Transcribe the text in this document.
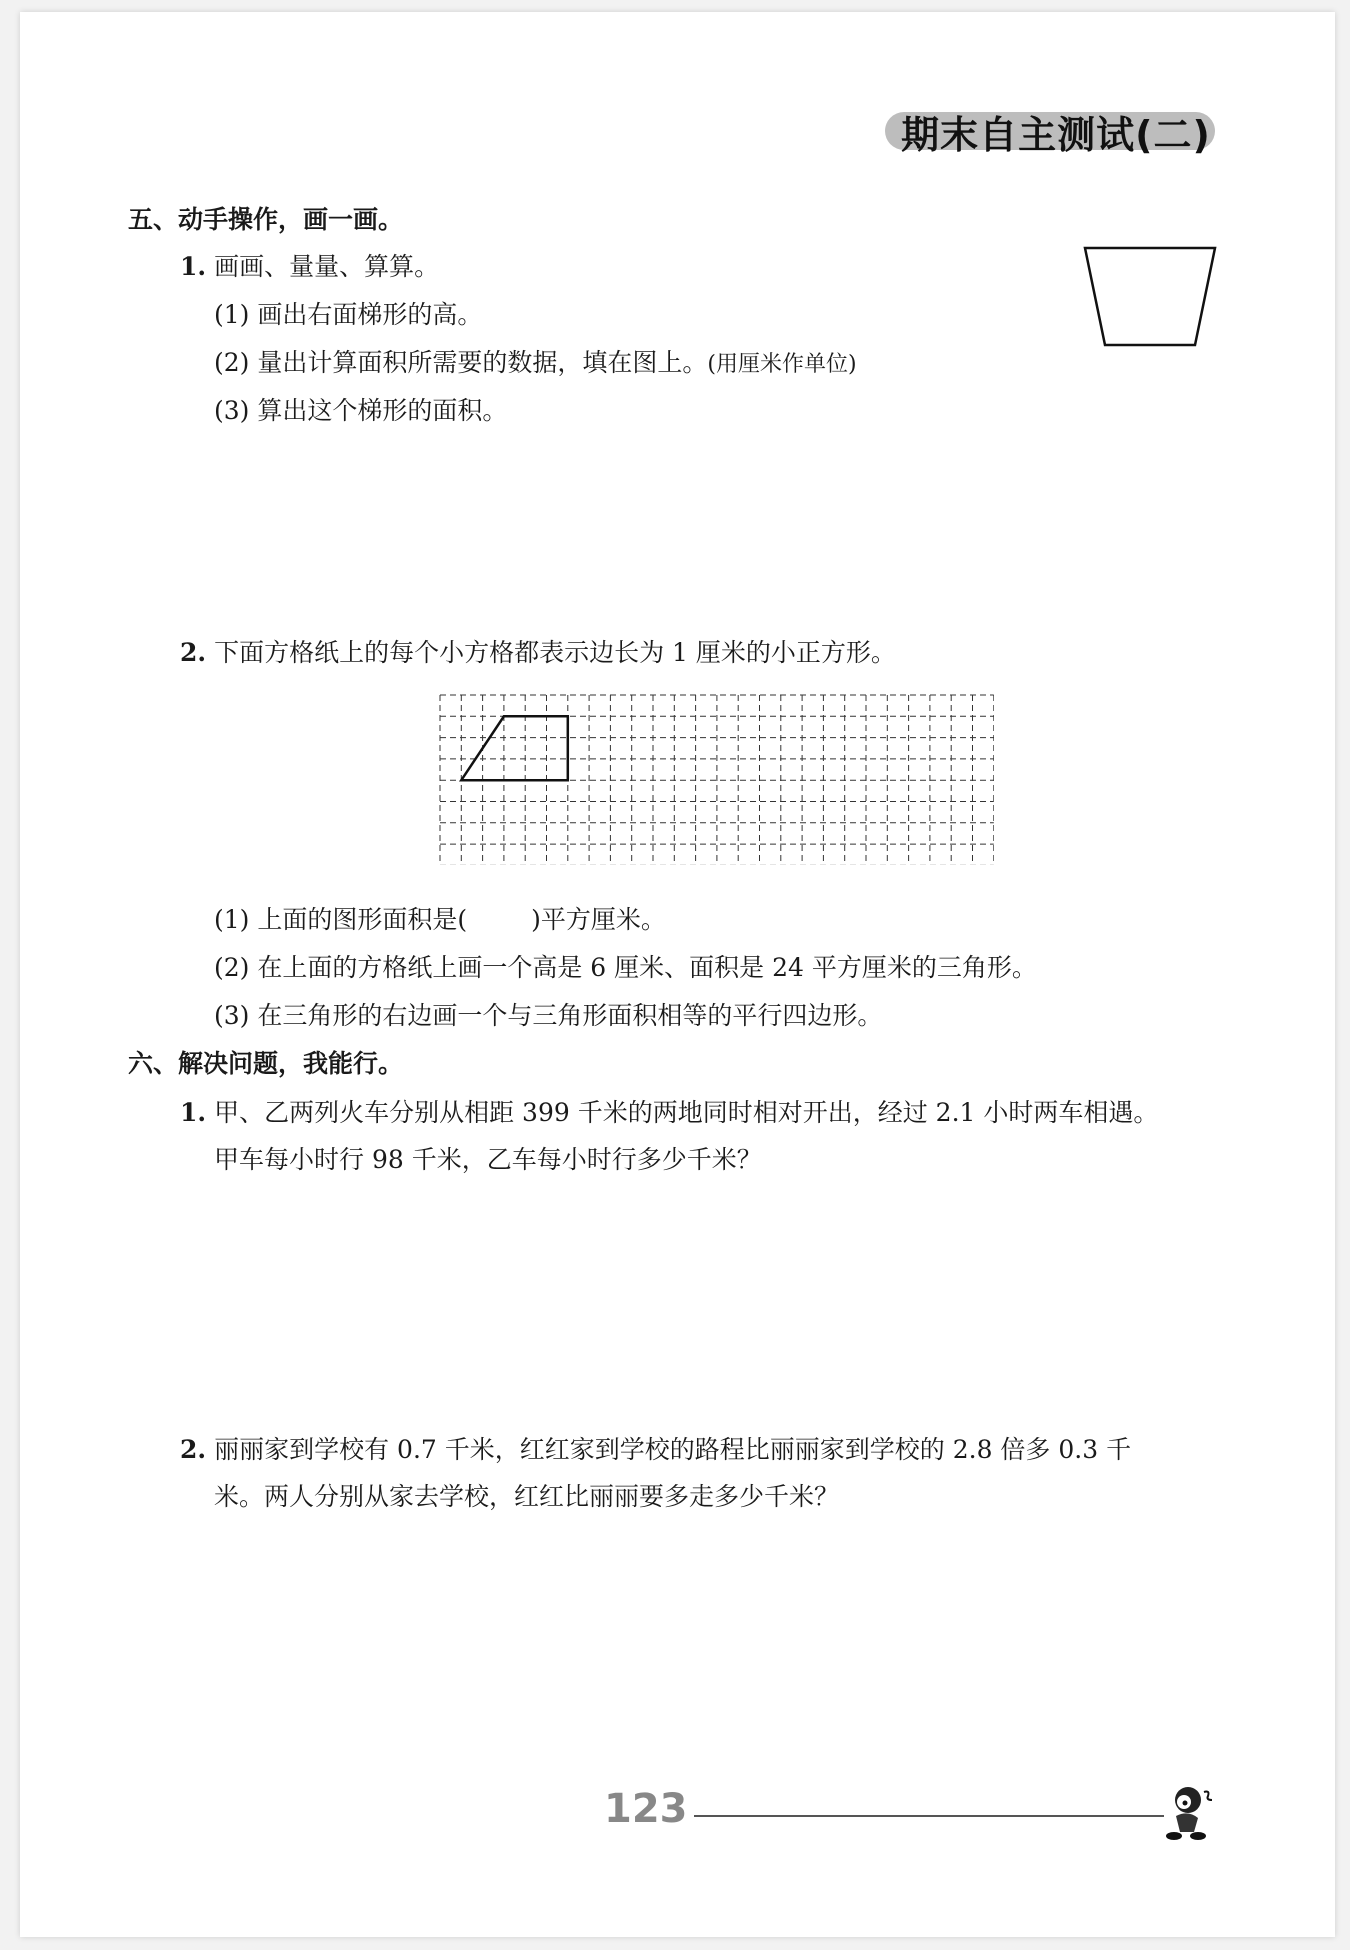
期末自主测试(二)
五、动手操作，画一画。
1. 画画、量量、算算。
(1) 画出右面梯形的高。
(2) 量出计算面积所需要的数据，填在图上。(用厘米作单位)
(3) 算出这个梯形的面积。
2. 下面方格纸上的每个小方格都表示边长为 1 厘米的小正方形。
(1) 上面的图形面积是(	)平方厘米。
(2) 在上面的方格纸上画一个高是 6 厘米、面积是 24 平方厘米的三角形。
(3) 在三角形的右边画一个与三角形面积相等的平行四边形。
六、解决问题，我能行。
1. 甲、乙两列火车分别从相距 399 千米的两地同时相对开出，经过 2.1 小时两车相遇。
甲车每小时行 98 千米，乙车每小时行多少千米？
2. 丽丽家到学校有 0.7 千米，红红家到学校的路程比丽丽家到学校的 2.8 倍多 0.3 千
米。两人分别从家去学校，红红比丽丽要多走多少千米？
123
